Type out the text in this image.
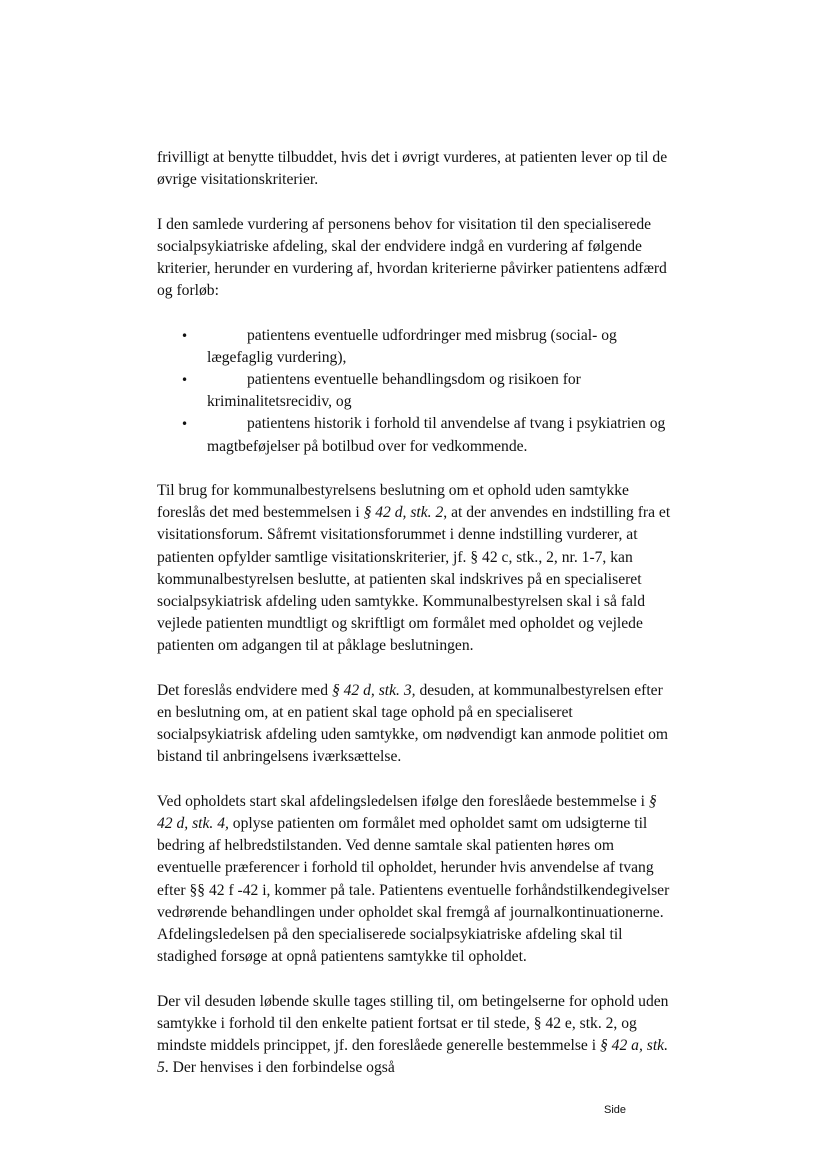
frivilligt at benytte tilbuddet, hvis det i øvrigt vurderes, at patienten lever op til de øvrige visitationskriterier.

I den samlede vurdering af personens behov for visitation til den specialiserede socialpsykiatriske afdeling, skal der endvidere indgå en vurdering af følgende kriterier, herunder en vurdering af, hvordan kriterierne påvirker patientens adfærd og forløb:

•	patientens eventuelle udfordringer med misbrug (social- og lægefaglig vurdering),
•	patientens eventuelle behandlingsdom og risikoen for kriminalitetsrecidiv, og
•	patientens historik i forhold til anvendelse af tvang i psykiatrien og magtbeføjelser på botilbud over for vedkommende.

Til brug for kommunalbestyrelsens beslutning om et ophold uden samtykke foreslås det med bestemmelsen i § 42 d, stk. 2, at der anvendes en indstilling fra et visitationsforum. Såfremt visitationsforummet i denne indstilling vurderer, at patienten opfylder samtlige visitationskriterier, jf. § 42 c, stk., 2, nr. 1-7, kan kommunalbestyrelsen beslutte, at patienten skal indskrives på en specialiseret socialpsykiatrisk afdeling uden samtykke. Kommunalbestyrelsen skal i så fald vejlede patienten mundtligt og skriftligt om formålet med opholdet og vejlede patienten om adgangen til at påklage beslutningen.

Det foreslås endvidere med § 42 d, stk. 3, desuden, at kommunalbestyrelsen efter en beslutning om, at en patient skal tage ophold på en specialiseret socialpsykiatrisk afdeling uden samtykke, om nødvendigt kan anmode politiet om bistand til anbringelsens iværksættelse.

Ved opholdets start skal afdelingsledelsen ifølge den foreslåede bestemmelse i § 42 d, stk. 4, oplyse patienten om formålet med opholdet samt om udsigterne til bedring af helbredstilstanden. Ved denne samtale skal patienten høres om eventuelle præferencer i forhold til opholdet, herunder hvis anvendelse af tvang efter §§ 42 f -42 i, kommer på tale. Patientens eventuelle forhåndstilkendegivelser vedrørende behandlingen under opholdet skal fremgå af journalkontinuationerne. Afdelingsledelsen på den specialiserede socialpsykiatriske afdeling skal til stadighed forsøge at opnå patientens samtykke til opholdet.

Der vil desuden løbende skulle tages stilling til, om betingelserne for ophold uden samtykke i forhold til den enkelte patient fortsat er til stede, § 42 e, stk. 2, og mindste middels princippet, jf. den foreslåede generelle bestemmelse i § 42 a, stk. 5. Der henvises i den forbindelse også

Side
